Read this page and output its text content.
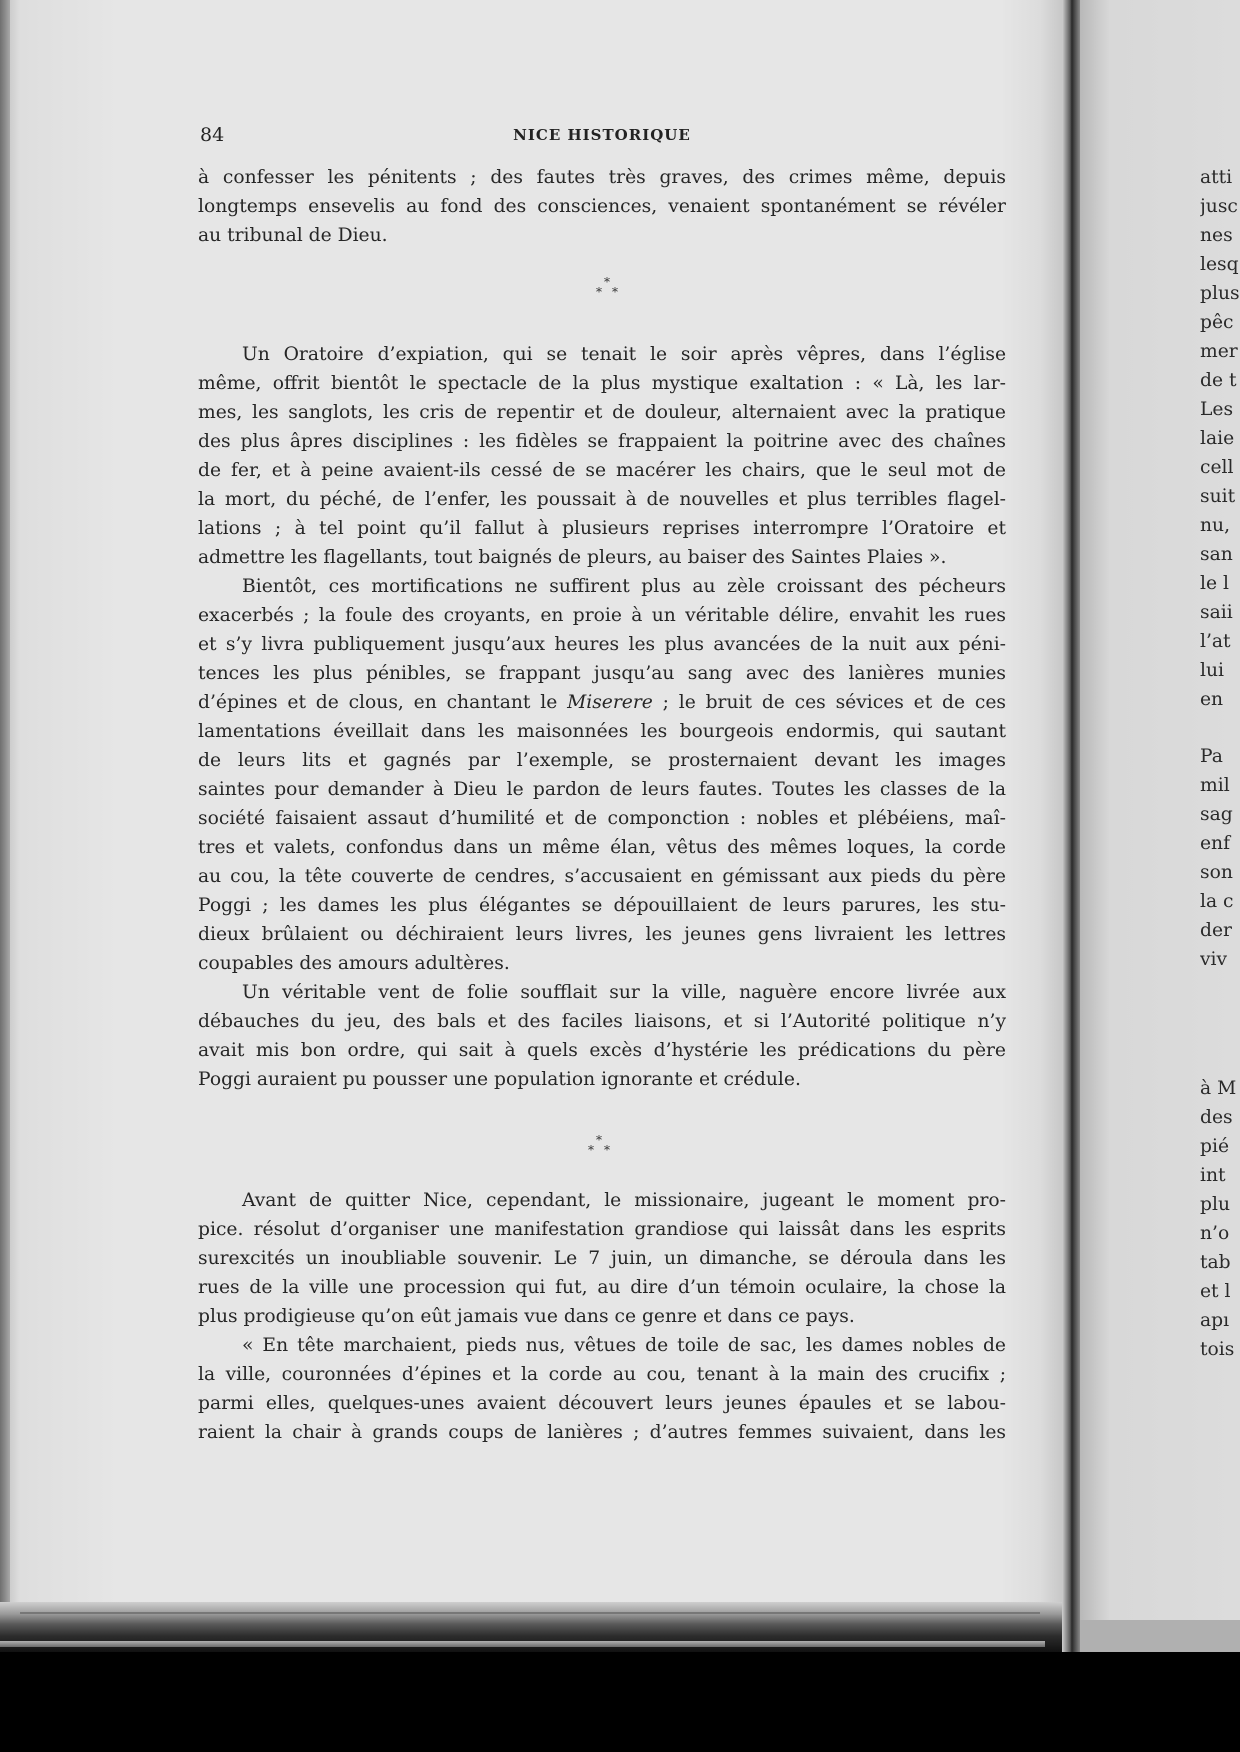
84	NICE HISTORIQUE

à confesser les pénitents ; des fautes très graves, des crimes même, depuis
longtemps ensevelis au fond des consciences, venaient spontanément se révéler
au tribunal de Dieu.

*
* *

Un Oratoire d’expiation, qui se tenait le soir après vêpres, dans l’église
même, offrit bientôt le spectacle de la plus mystique exaltation : « Là, les lar-
mes, les sanglots, les cris de repentir et de douleur, alternaient avec la pratique
des plus âpres disciplines : les fidèles se frappaient la poitrine avec des chaînes
de fer, et à peine avaient-ils cessé de se macérer les chairs, que le seul mot de
la mort, du péché, de l’enfer, les poussait à de nouvelles et plus terribles flagel-
lations ; à tel point qu’il fallut à plusieurs reprises interrompre l’Oratoire et
admettre les flagellants, tout baignés de pleurs, au baiser des Saintes Plaies ».

Bientôt, ces mortifications ne suffirent plus au zèle croissant des pécheurs
exacerbés ; la foule des croyants, en proie à un véritable délire, envahit les rues
et s’y livra publiquement jusqu’aux heures les plus avancées de la nuit aux péni-
tences les plus pénibles, se frappant jusqu’au sang avec des lanières munies
d’épines et de clous, en chantant le Miserere ; le bruit de ces sévices et de ces
lamentations éveillait dans les maisonnées les bourgeois endormis, qui sautant
de leurs lits et gagnés par l’exemple, se prosternaient devant les images
saintes pour demander à Dieu le pardon de leurs fautes. Toutes les classes de la
société faisaient assaut d’humilité et de componction : nobles et plébéiens, maî-
tres et valets, confondus dans un même élan, vêtus des mêmes loques, la corde
au cou, la tête couverte de cendres, s’accusaient en gémissant aux pieds du père
Poggi ; les dames les plus élégantes se dépouillaient de leurs parures, les stu-
dieux brûlaient ou déchiraient leurs livres, les jeunes gens livraient les lettres
coupables des amours adultères.

Un véritable vent de folie soufflait sur la ville, naguère encore livrée aux
débauches du jeu, des bals et des faciles liaisons, et si l’Autorité politique n’y
avait mis bon ordre, qui sait à quels excès d’hystérie les prédications du père
Poggi auraient pu pousser une population ignorante et crédule.

*
* *

Avant de quitter Nice, cependant, le missionaire, jugeant le moment pro-
pice. résolut d’organiser une manifestation grandiose qui laissât dans les esprits
surexcités un inoubliable souvenir. Le 7 juin, un dimanche, se déroula dans les
rues de la ville une procession qui fut, au dire d’un témoin oculaire, la chose la
plus prodigieuse qu’on eût jamais vue dans ce genre et dans ce pays.

« En tête marchaient, pieds nus, vêtues de toile de sac, les dames nobles de
la ville, couronnées d’épines et la corde au cou, tenant à la main des crucifix ;
parmi elles, quelques-unes avaient découvert leurs jeunes épaules et se labou-
raient la chair à grands coups de lanières ; d’autres femmes suivaient, dans les

atti
jusc
nes
lesq
plus
pêc
mer
de t
Les
laie
cell
suit
nu,
san
le l
saii
l’at
lui
en
Pa
mil
sag
enf
son
la c
der
viv
à M
des
pié
int
plu
n’o
tab
et l
apı
tois
